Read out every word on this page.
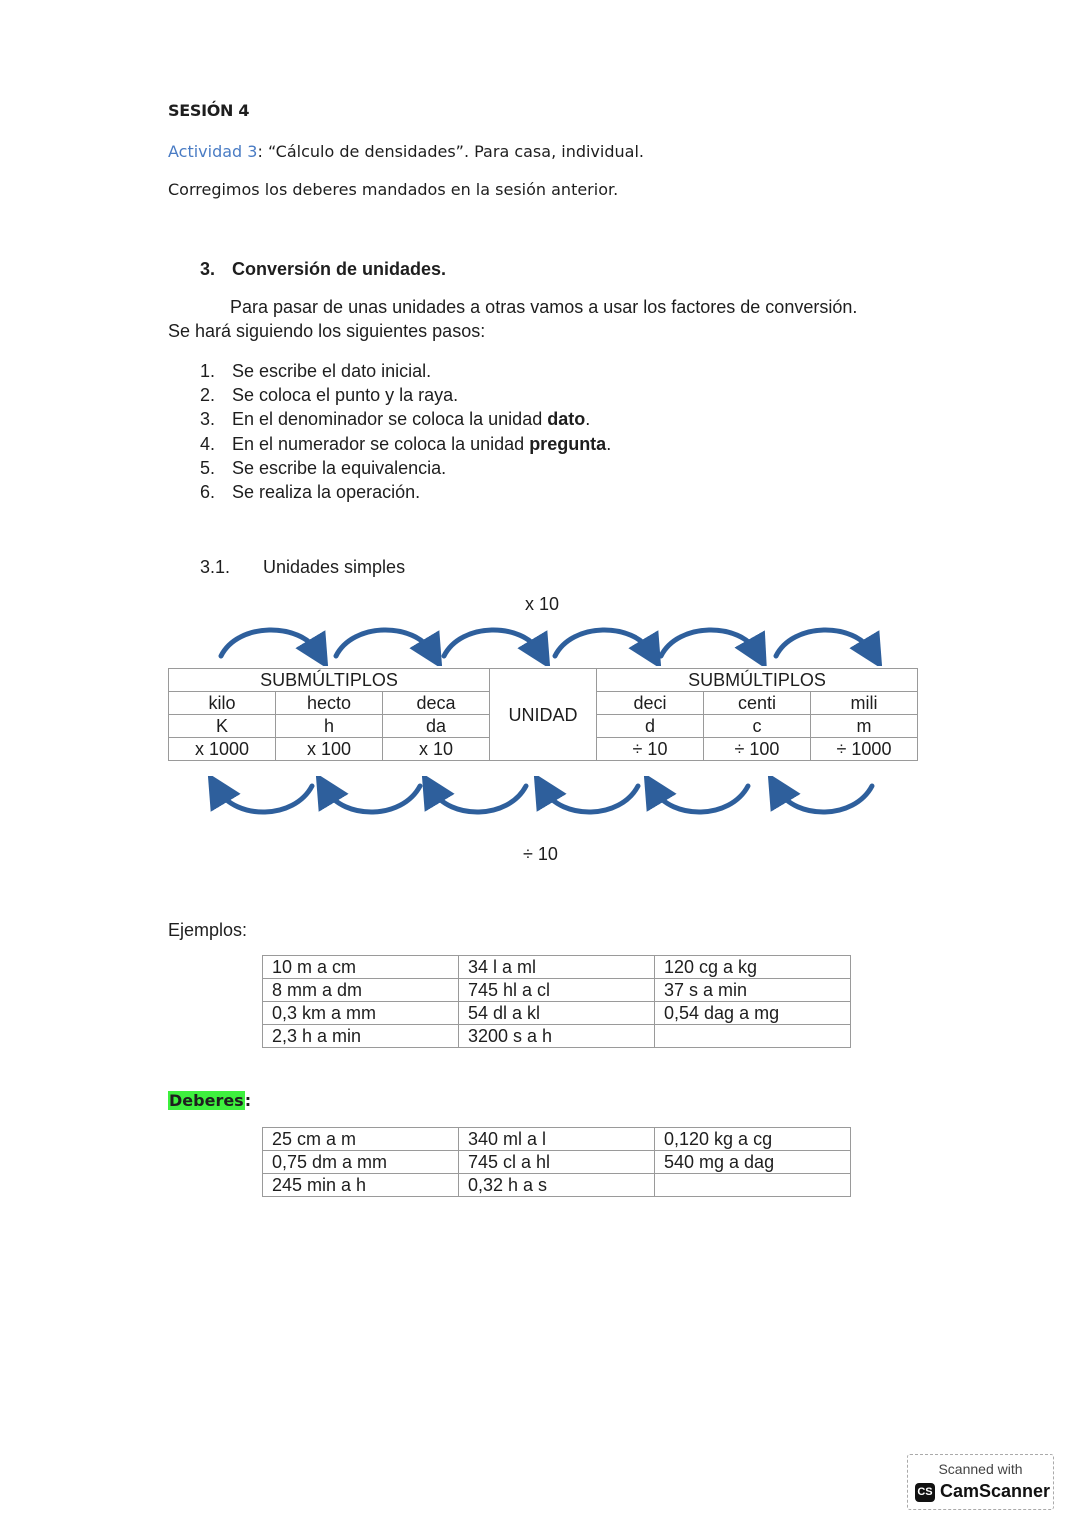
SESIÓN 4
Actividad 3: “Cálculo de densidades”. Para casa, individual.
Corregimos los deberes mandados en la sesión anterior.
3. Conversión de unidades.
Para pasar de unas unidades a otras vamos a usar los factores de conversión.
Se hará siguiendo los siguientes pasos:
1. Se escribe el dato inicial.
2. Se coloca el punto y la raya.
3. En el denominador se coloca la unidad dato.
4. En el numerador se coloca la unidad pregunta.
5. Se escribe la equivalencia.
6. Se realiza la operación.
3.1. Unidades simples
x 10
SUBMÚLTIPLOS			UNIDAD	SUBMÚLTIPLOS		
kilo	hecto	deca		deci	centi	mili
K	h	da		d	c	m
x 1000	x 100	x 10		÷ 10	÷ 100	÷ 1000
÷ 10
Ejemplos:
10 m a cm	34 l a ml	120 cg a kg
8 mm a dm	745 hl a cl	37 s a min
0,3 km a mm	54 dl a kl	0,54 dag a mg
2,3 h a min	3200 s a h	
Deberes:
25 cm a m	340 ml a l	0,120 kg a cg
0,75 dm a mm	745 cl a hl	540 mg a dag
245 min a h	0,32 h a s	
Scanned with
CS CamScanner
